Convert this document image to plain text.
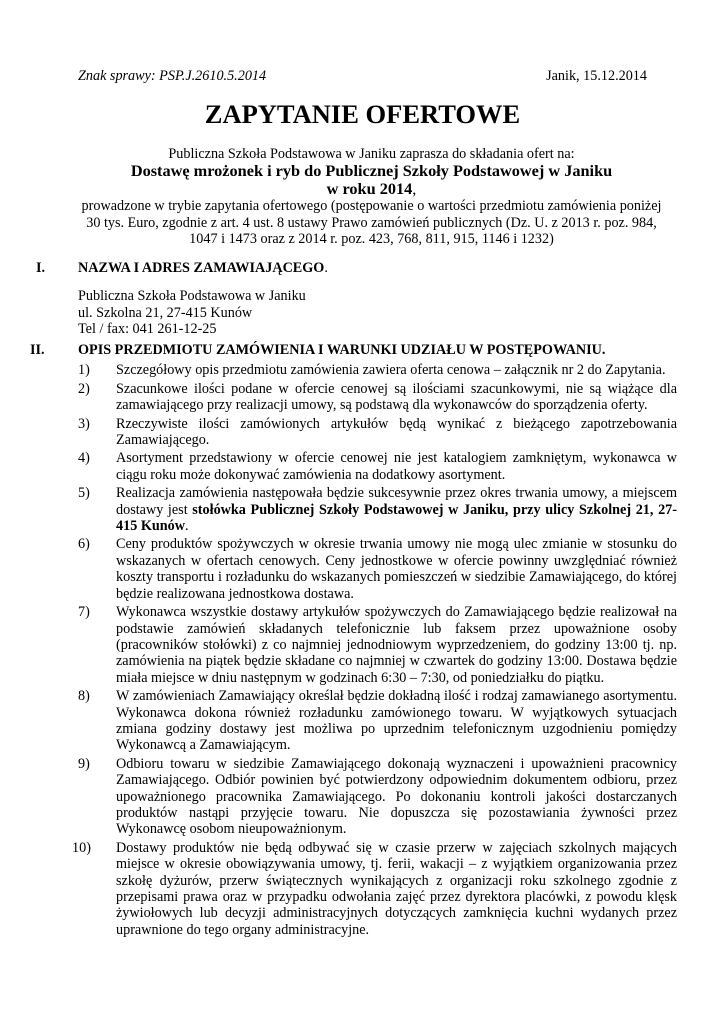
Znak sprawy: PSP.J.2610.5.2014	Janik, 15.12.2014
ZAPYTANIE OFERTOWE
Publiczna Szkoła Podstawowa w Janiku zaprasza do składania ofert na:
Dostawę mrożonek i ryb do Publicznej Szkoły Podstawowej w Janiku
w roku 2014,
prowadzone w trybie zapytania ofertowego (postępowanie o wartości przedmiotu zamówienia poniżej 30 tys. Euro, zgodnie z art. 4 ust. 8 ustawy Prawo zamówień publicznych (Dz. U. z 2013 r. poz. 984, 1047 i 1473 oraz z 2014 r. poz. 423, 768, 811, 915, 1146 i 1232)
I. NAZWA I ADRES ZAMAWIAJĄCEGO.
Publiczna Szkoła Podstawowa w Janiku
ul. Szkolna 21, 27-415 Kunów
Tel / fax: 041 261-12-25
II. OPIS PRZEDMIOTU ZAMÓWIENIA I WARUNKI UDZIAŁU W POSTĘPOWANIU.
1) Szczegółowy opis przedmiotu zamówienia zawiera oferta cenowa – załącznik nr 2 do Zapytania.
2) Szacunkowe ilości podane w ofercie cenowej są ilościami szacunkowymi, nie są wiążące dla zamawiającego przy realizacji umowy, są podstawą dla wykonawców do sporządzenia oferty.
3) Rzeczywiste ilości zamówionych artykułów będą wynikać z bieżącego zapotrzebowania Zamawiającego.
4) Asortyment przedstawiony w ofercie cenowej nie jest katalogiem zamkniętym, wykonawca w ciągu roku może dokonywać zamówienia na dodatkowy asortyment.
5) Realizacja zamówienia następowała będzie sukcesywnie przez okres trwania umowy, a miejscem dostawy jest stołówka Publicznej Szkoły Podstawowej w Janiku, przy ulicy Szkolnej 21, 27-415 Kunów.
6) Ceny produktów spożywczych w okresie trwania umowy nie mogą ulec zmianie w stosunku do wskazanych w ofertach cenowych. Ceny jednostkowe w ofercie powinny uwzględniać również koszty transportu i rozładunku do wskazanych pomieszczeń w siedzibie Zamawiającego, do której będzie realizowana jednostkowa dostawa.
7) Wykonawca wszystkie dostawy artykułów spożywczych do Zamawiającego będzie realizował na podstawie zamówień składanych telefonicznie lub faksem przez upoważnione osoby (pracowników stołówki) z co najmniej jednodniowym wyprzedzeniem, do godziny 13:00 tj. np. zamówienia na piątek będzie składane co najmniej w czwartek do godziny 13:00. Dostawa będzie miała miejsce w dniu następnym w godzinach 6:30 – 7:30, od poniedziałku do piątku.
8) W zamówieniach Zamawiający określał będzie dokładną ilość i rodzaj zamawianego asortymentu. Wykonawca dokona również rozładunku zamówionego towaru. W wyjątkowych sytuacjach zmiana godziny dostawy jest możliwa po uprzednim telefonicznym uzgodnieniu pomiędzy Wykonawcą a Zamawiającym.
9) Odbioru towaru w siedzibie Zamawiającego dokonają wyznaczeni i upoważnieni pracownicy Zamawiającego. Odbiór powinien być potwierdzony odpowiednim dokumentem odbioru, przez upoważnionego pracownika Zamawiającego. Po dokonaniu kontroli jakości dostarczanych produktów nastąpi przyjęcie towaru. Nie dopuszcza się pozostawiania żywności przez Wykonawcę osobom nieupoważnionym.
10) Dostawy produktów nie będą odbywać się w czasie przerw w zajęciach szkolnych mających miejsce w okresie obowiązywania umowy, tj. ferii, wakacji – z wyjątkiem organizowania przez szkołę dyżurów, przerw świątecznych wynikających z organizacji roku szkolnego zgodnie z przepisami prawa oraz w przypadku odwołania zajęć przez dyrektora placówki, z powodu klęsk żywiołowych lub decyzji administracyjnych dotyczących zamknięcia kuchni wydanych przez uprawnione do tego organy administracyjne.
